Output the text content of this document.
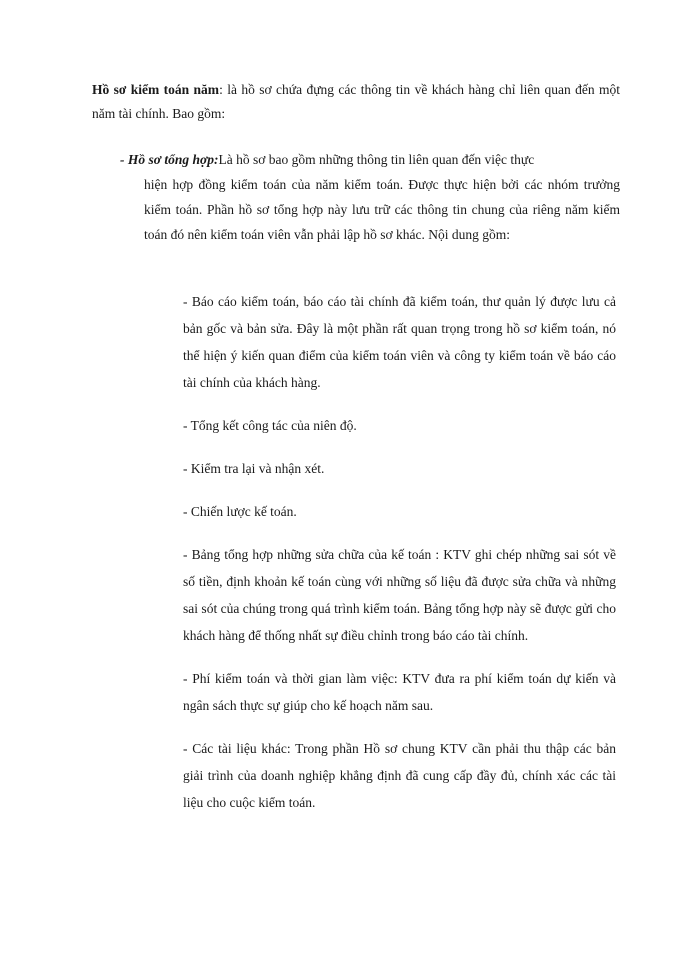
Hồ sơ kiểm toán năm: là hồ sơ chứa đựng các thông tin về khách hàng chỉ liên quan đến một năm tài chính. Bao gồm:

- Hồ sơ tổng hợp:Là hồ sơ bao gồm những thông tin liên quan đến việc thực
hiện hợp đồng kiểm toán của năm kiểm toán. Được thực hiện bởi các nhóm trưởng kiểm toán. Phần hồ sơ tổng hợp này lưu trữ các thông tin chung của riêng năm kiểm toán đó nên kiểm toán viên vẫn phải lập hồ sơ khác. Nội dung gồm:

- Báo cáo kiểm toán, báo cáo tài chính đã kiểm toán, thư quản lý được lưu cả bản gốc và bản sửa. Đây là một phần rất quan trọng trong hồ sơ kiểm toán, nó thể hiện ý kiến quan điểm của kiểm toán viên và công ty kiểm toán về báo cáo tài chính của khách hàng.
- Tổng kết công tác của niên độ.
- Kiểm tra lại và nhận xét.
- Chiến lược kế toán.
- Bảng tổng hợp những sửa chữa của kế toán : KTV ghi chép những sai sót về số tiền, định khoản kế toán cùng với những số liệu đã được sửa chữa và những sai sót của chúng trong quá trình kiểm toán. Bảng tổng hợp này sẽ được gửi cho khách hàng để thống nhất sự điều chỉnh trong báo cáo tài chính.
- Phí kiểm toán và thời gian làm việc: KTV đưa ra phí kiểm toán dự kiến và ngân sách thực sự giúp cho kế hoạch năm sau.
- Các tài liệu khác: Trong phần Hồ sơ chung KTV cần phải thu thập các bản giải trình của doanh nghiệp khẳng định đã cung cấp đầy đủ, chính xác các tài liệu cho cuộc kiểm toán.
